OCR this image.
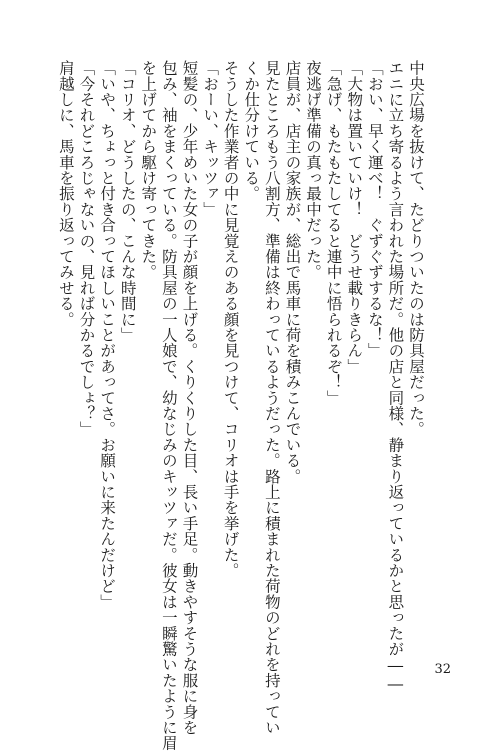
中央広場を抜けて、たどりついたのは防具屋だった。

エニに立ち寄るよう言われた場所だ。他の店と同様、静まり返っているかと思ったが――

「おい、早く運べ！　ぐずぐずするな！」

「大物は置いていけ！　どうせ載りきらん」

「急げ、もたもたしてると連中に悟られるぞ！」

夜逃げ準備の真っ最中だった。

店員が、店主の家族が、総出で馬車に荷を積みこんでいる。

見たところもう八割方、準備は終わっているようだった。路上に積まれた荷物のどれを持ってい

くか仕分けている。

そうした作業者の中に見覚えのある顔を見つけて、コリオは手を挙げた。

「おーい、キッツァ」

短髪の、少年めいた女の子が顔を上げる。くりくりした目、長い手足。動きやすそうな服に身を

包み、袖をまくっている。防具屋の一人娘で、幼なじみのキッツァだ。彼女は一瞬驚いたように眉

を上げてから駆け寄ってきた。

「コリオ、どうしたの、こんな時間に」

「いや、ちょっと付き合ってほしいことがあってさ。お願いに来たんだけど」

「今それどころじゃないの、見れば分かるでしょ？」

肩越しに、馬車を振り返ってみせる。

32
